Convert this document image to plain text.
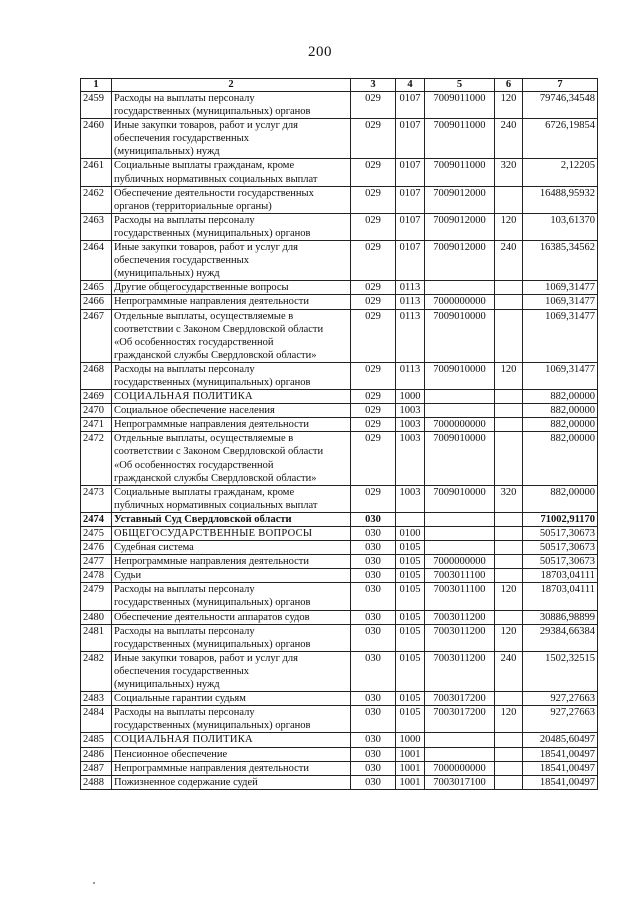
200
1	2	3	4	5	6	7
2459	Расходы на выплаты персоналу
государственных (муниципальных) органов	029	0107	7009011000	120	79746,34548
2460	Иные закупки товаров, работ и услуг для
обеспечения государственных
(муниципальных) нужд	029	0107	7009011000	240	6726,19854
2461	Социальные выплаты гражданам, кроме
публичных нормативных социальных выплат	029	0107	7009011000	320	2,12205
2462	Обеспечение деятельности государственных
органов (территориальные органы)	029	0107	7009012000		16488,95932
2463	Расходы на выплаты персоналу
государственных (муниципальных) органов	029	0107	7009012000	120	103,61370
2464	Иные закупки товаров, работ и услуг для
обеспечения государственных
(муниципальных) нужд	029	0107	7009012000	240	16385,34562
2465	Другие общегосударственные вопросы	029	0113			1069,31477
2466	Непрограммные направления деятельности	029	0113	7000000000		1069,31477
2467	Отдельные выплаты, осуществляемые в
соответствии с Законом Свердловской области
«Об особенностях государственной
гражданской службы Свердловской области»	029	0113	7009010000		1069,31477
2468	Расходы на выплаты персоналу
государственных (муниципальных) органов	029	0113	7009010000	120	1069,31477
2469	СОЦИАЛЬНАЯ ПОЛИТИКА	029	1000			882,00000
2470	Социальное обеспечение населения	029	1003			882,00000
2471	Непрограммные направления деятельности	029	1003	7000000000		882,00000
2472	Отдельные выплаты, осуществляемые в
соответствии с Законом Свердловской области
«Об особенностях государственной
гражданской службы Свердловской области»	029	1003	7009010000		882,00000
2473	Социальные выплаты гражданам, кроме
публичных нормативных социальных выплат	029	1003	7009010000	320	882,00000
2474	Уставный Суд Свердловской области	030				71002,91170
2475	ОБЩЕГОСУДАРСТВЕННЫЕ ВОПРОСЫ	030	0100			50517,30673
2476	Судебная система	030	0105			50517,30673
2477	Непрограммные направления деятельности	030	0105	7000000000		50517,30673
2478	Судьи	030	0105	7003011100		18703,04111
2479	Расходы на выплаты персоналу
государственных (муниципальных) органов	030	0105	7003011100	120	18703,04111
2480	Обеспечение деятельности аппаратов судов	030	0105	7003011200		30886,98899
2481	Расходы на выплаты персоналу
государственных (муниципальных) органов	030	0105	7003011200	120	29384,66384
2482	Иные закупки товаров, работ и услуг для
обеспечения государственных
(муниципальных) нужд	030	0105	7003011200	240	1502,32515
2483	Социальные гарантии судьям	030	0105	7003017200		927,27663
2484	Расходы на выплаты персоналу
государственных (муниципальных) органов	030	0105	7003017200	120	927,27663
2485	СОЦИАЛЬНАЯ ПОЛИТИКА	030	1000			20485,60497
2486	Пенсионное обеспечение	030	1001			18541,00497
2487	Непрограммные направления деятельности	030	1001	7000000000		18541,00497
2488	Пожизненное содержание судей	030	1001	7003017100		18541,00497
